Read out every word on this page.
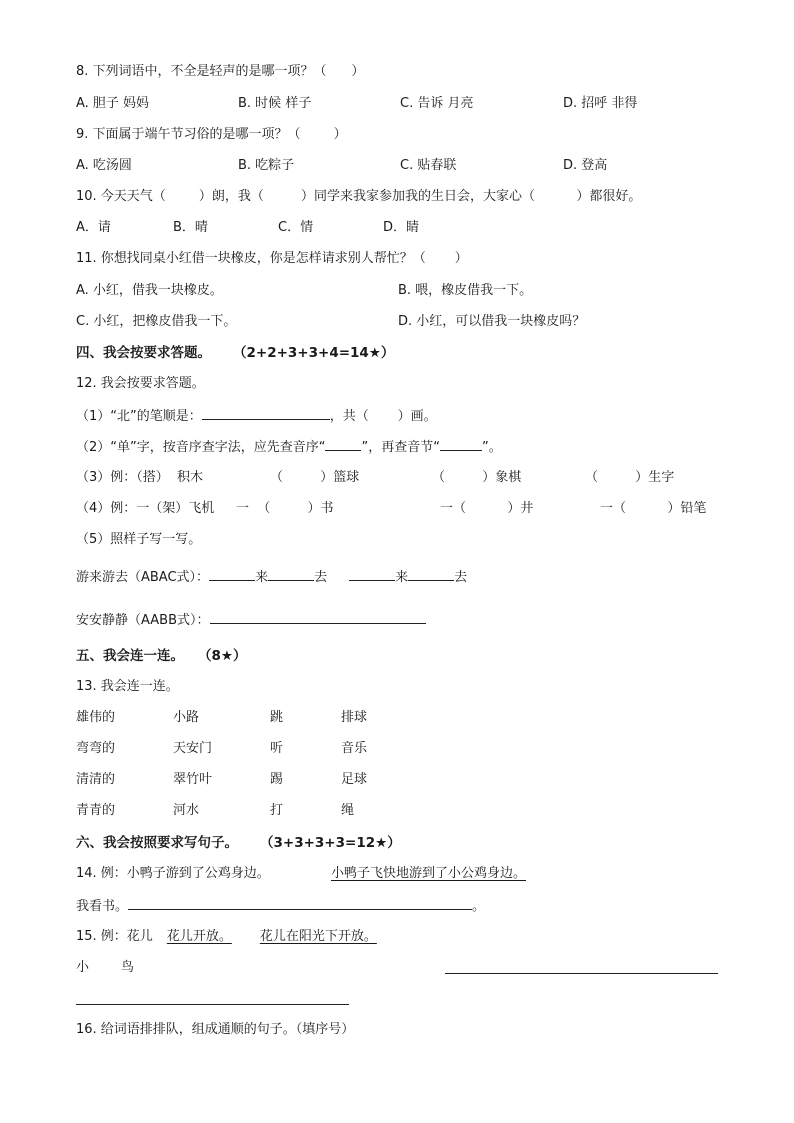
8. 下列词语中，不全是轻声的是哪一项？（      ）
A. 胆子 妈妈	B. 时候 样子	C. 告诉 月亮	D. 招呼 非得
9. 下面属于端午节习俗的是哪一项？（        ）
A. 吃汤圆	B. 吃粽子	C. 贴春联	D. 登高
10. 今天天气（        ）朗，我（         ）同学来我家参加我的生日会，大家心（          ）都很好。
A．请	B．晴	C．情	D．睛
11. 你想找同桌小红借一块橡皮，你是怎样请求别人帮忙？（       ）
A. 小红，借我一块橡皮。	B. 喂，橡皮借我一下。
C. 小红，把橡皮借我一下。	D. 小红，可以借我一块橡皮吗？
四、我会按要求答题。 （2+2+3+3+4=14★）
12. 我会按要求答题。
（1）“北”的笔顺是：	，共（       ）画。
（2）“单”字，按音序查字法，应先查音序“	”，再查音节“	”。
（3）例：（搭）  积木	（         ）篮球	（         ）象棋	（         ）生字
（4）例：一（架）飞机 一  （         ）书	一（          ）井	一（          ）铅笔
（5）照样子写一写。
游来游去（ABAC式）：	来	去	来	去
安安静静（AABB式）：
五、我会连一连。 （8★）
13. 我会连一连。
雄伟的	小路	跳	排球
弯弯的	天安门	听	音乐
清清的	翠竹叶	踢	足球
青青的	河水	打	绳
六、我会按照要求写句子。 （3+3+3+3=12★）
14. 例：小鸭子游到了公鸡身边。	小鸭子飞快地游到了小公鸡身边。
我看书。	。
15. 例：花儿 花儿开放。 花儿在阳光下开放。
小 鸟
16. 给词语排排队，组成通顺的句子。（填序号）
